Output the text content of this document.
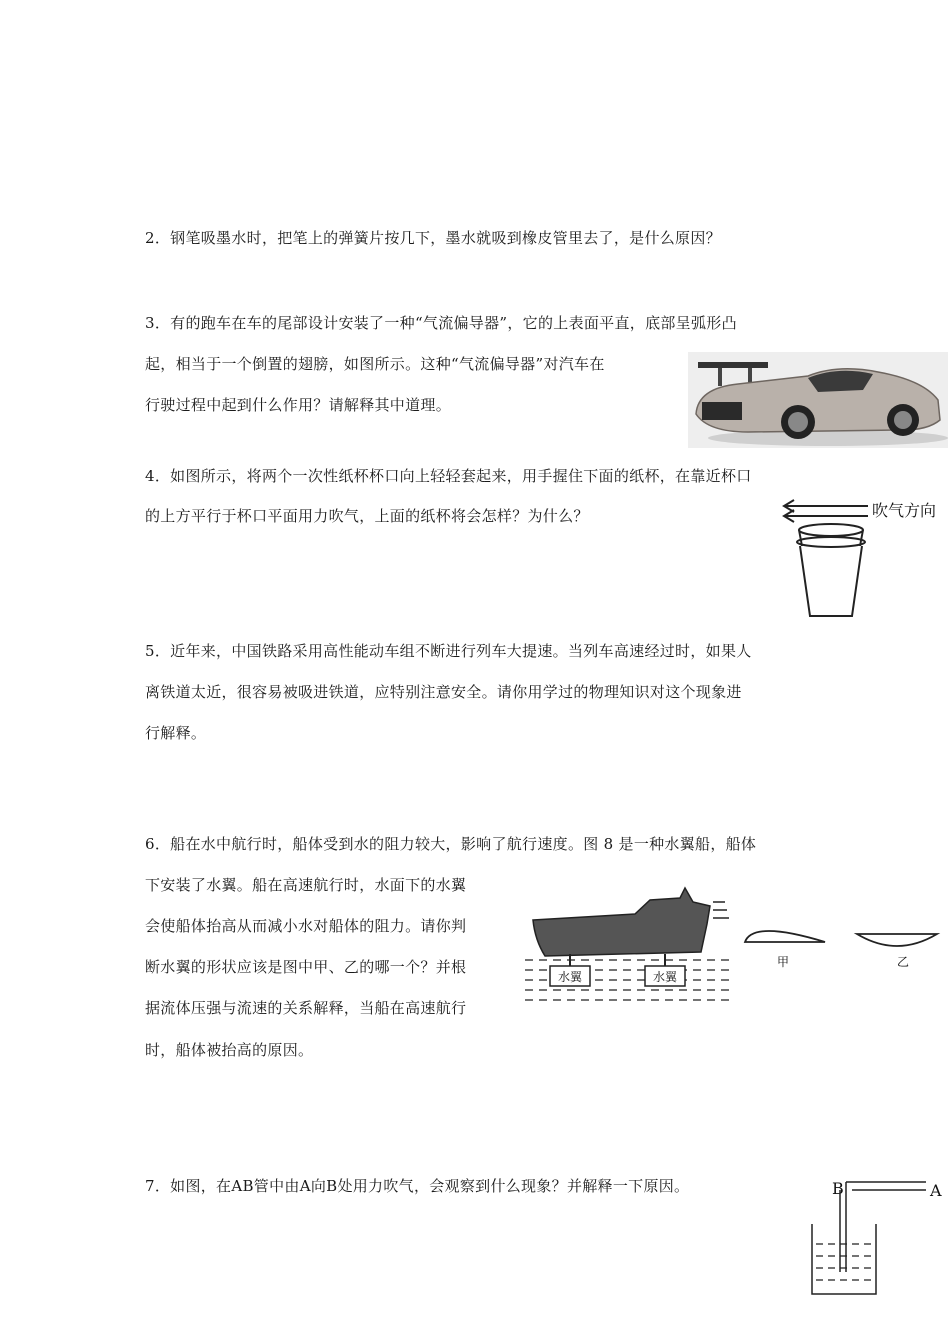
2．钢笔吸墨水时，把笔上的弹簧片按几下，墨水就吸到橡皮管里去了，是什么原因？
3．有的跑车在车的尾部设计安装了一种“气流偏导器”，它的上表面平直，底部呈弧形凸
起，相当于一个倒置的翅膀，如图所示。这种“气流偏导器”对汽车在
行驶过程中起到什么作用？请解释其中道理。
4．如图所示，将两个一次性纸杯杯口向上轻轻套起来，用手握住下面的纸杯，在靠近杯口
的上方平行于杯口平面用力吹气，上面的纸杯将会怎样？为什么？	吹气方向
5．近年来，中国铁路采用高性能动车组不断进行列车大提速。当列车高速经过时，如果人
离铁道太近，很容易被吸进铁道，应特别注意安全。请你用学过的物理知识对这个现象进
行解释。
6．船在水中航行时，船体受到水的阻力较大，影响了航行速度。图 8 是一种水翼船，船体
下安装了水翼。船在高速航行时，水面下的水翼
会使船体抬高从而减小水对船体的阻力。请你判
断水翼的形状应该是图中甲、乙的哪一个？并根
据流体压强与流速的关系解释，当船在高速航行
时，船体被抬高的原因。
水翼	水翼
甲	乙
7．如图，在AB管中由A向B处用力吹气，会观察到什么现象？并解释一下原因。	B	A
